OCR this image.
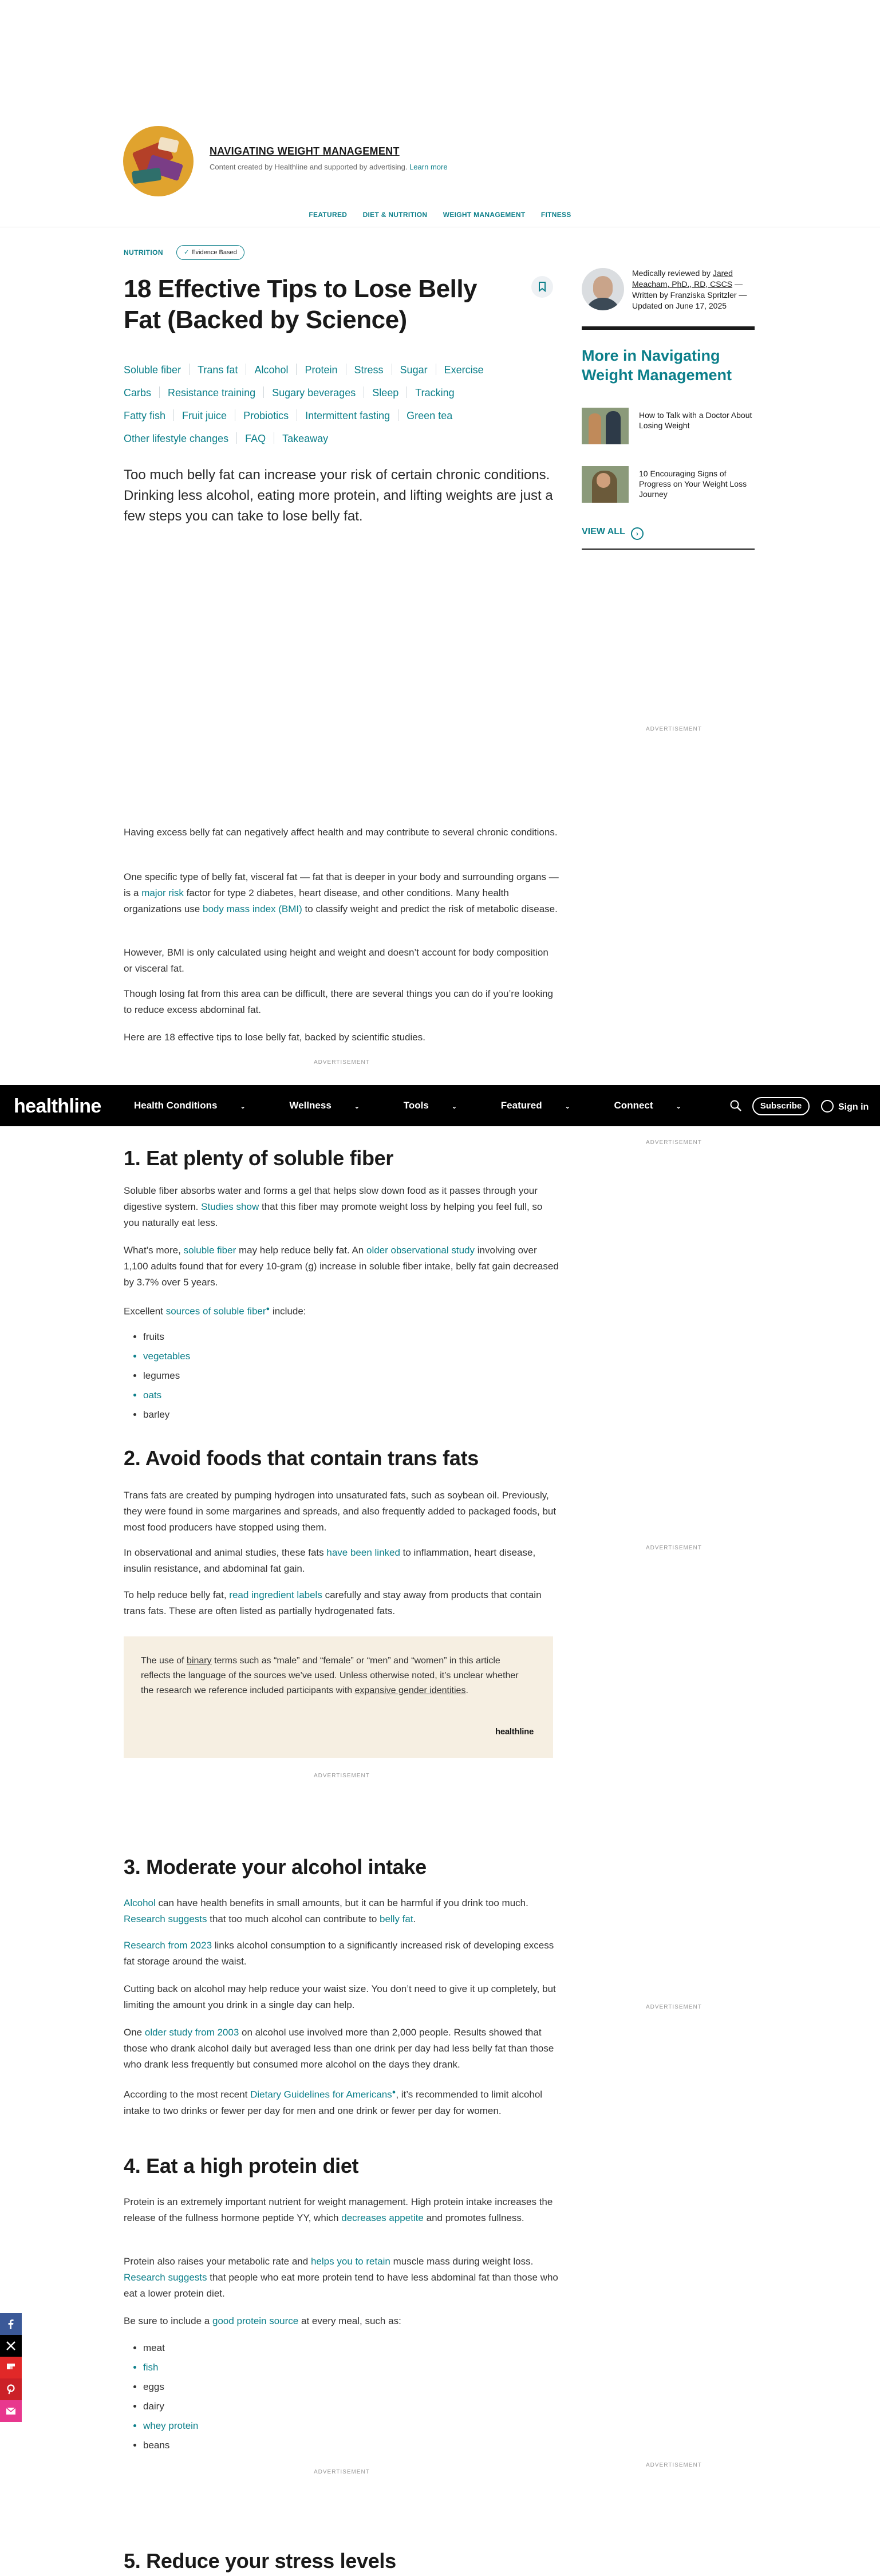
NAVIGATING WEIGHT MANAGEMENT
Content created by Healthline and supported by advertising. Learn more
FEATURED DIET & NUTRITION WEIGHT MANAGEMENT FITNESS
NUTRITION	✓ Evidence Based
18 Effective Tips to Lose Belly Fat (Backed by Science)
Soluble fiber Trans fat Alcohol Protein Stress Sugar Exercise
Carbs Resistance training Sugary beverages Sleep Tracking
Fatty fish Fruit juice Probiotics Intermittent fasting Green tea
Other lifestyle changes FAQ Takeaway
Too much belly fat can increase your risk of certain chronic conditions. Drinking less alcohol, eating more protein, and lifting weights are just a few steps you can take to lose belly fat.
Medically reviewed by Jared Meacham, PhD., RD, CSCS — Written by Franziska Spritzler — Updated on June 17, 2025
More in Navigating Weight Management
How to Talk with a Doctor About Losing Weight
10 Encouraging Signs of Progress on Your Weight Loss Journey
VIEW ALL ›
ADVERTISEMENT
ADVERTISEMENT
ADVERTISEMENT
ADVERTISEMENT
ADVERTISEMENT
ADVERTISEMENT
ADVERTISEMENT
ADVERTISEMENT
Having excess belly fat can negatively affect health and may contribute to several chronic conditions.
One specific type of belly fat, visceral fat — fat that is deeper in your body and surrounding organs — is a major risk factor for type 2 diabetes, heart disease, and other conditions. Many health organizations use body mass index (BMI) to classify weight and predict the risk of metabolic disease.
However, BMI is only calculated using height and weight and doesn’t account for body composition or visceral fat.
Though losing fat from this area can be difficult, there are several things you can do if you’re looking to reduce excess abdominal fat.
Here are 18 effective tips to lose belly fat, backed by scientific studies.
healthline	Health Conditions	⌄	Wellness	⌄	Tools	⌄	Featured	⌄	Connect	⌄	Subscribe	Sign in
1. Eat plenty of soluble fiber
Soluble fiber absorbs water and forms a gel that helps slow down food as it passes through your digestive system. Studies show that this fiber may promote weight loss by helping you feel full, so you naturally eat less.
What’s more, soluble fiber may help reduce belly fat. An older observational study involving over 1,100 adults found that for every 10-gram (g) increase in soluble fiber intake, belly fat gain decreased by 3.7% over 5 years.
Excellent sources of soluble fiber● include:
• fruits
• vegetables
• legumes
• oats
• barley
2. Avoid foods that contain trans fats
Trans fats are created by pumping hydrogen into unsaturated fats, such as soybean oil. Previously, they were found in some margarines and spreads, and also frequently added to packaged foods, but most food producers have stopped using them.
In observational and animal studies, these fats have been linked to inflammation, heart disease, insulin resistance, and abdominal fat gain.
To help reduce belly fat, read ingredient labels carefully and stay away from products that contain trans fats. These are often listed as partially hydrogenated fats.
The use of binary terms such as “male” and “female” or “men” and “women” in this article reflects the language of the sources we’ve used. Unless otherwise noted, it’s unclear whether the research we reference included participants with expansive gender identities.
healthline
3. Moderate your alcohol intake
Alcohol can have health benefits in small amounts, but it can be harmful if you drink too much. Research suggests that too much alcohol can contribute to belly fat.
Research from 2023 links alcohol consumption to a significantly increased risk of developing excess fat storage around the waist.
Cutting back on alcohol may help reduce your waist size. You don’t need to give it up completely, but limiting the amount you drink in a single day can help.
One older study from 2003 on alcohol use involved more than 2,000 people. Results showed that those who drank alcohol daily but averaged less than one drink per day had less belly fat than those who drank less frequently but consumed more alcohol on the days they drank.
According to the most recent Dietary Guidelines for Americans●, it’s recommended to limit alcohol intake to two drinks or fewer per day for men and one drink or fewer per day for women.
4. Eat a high protein diet
Protein is an extremely important nutrient for weight management. High protein intake increases the release of the fullness hormone peptide YY, which decreases appetite and promotes fullness.
Protein also raises your metabolic rate and helps you to retain muscle mass during weight loss. Research suggests that people who eat more protein tend to have less abdominal fat than those who eat a lower protein diet.
Be sure to include a good protein source at every meal, such as:
• meat
• fish
• eggs
• dairy
• whey protein
• beans
5. Reduce your stress levels
